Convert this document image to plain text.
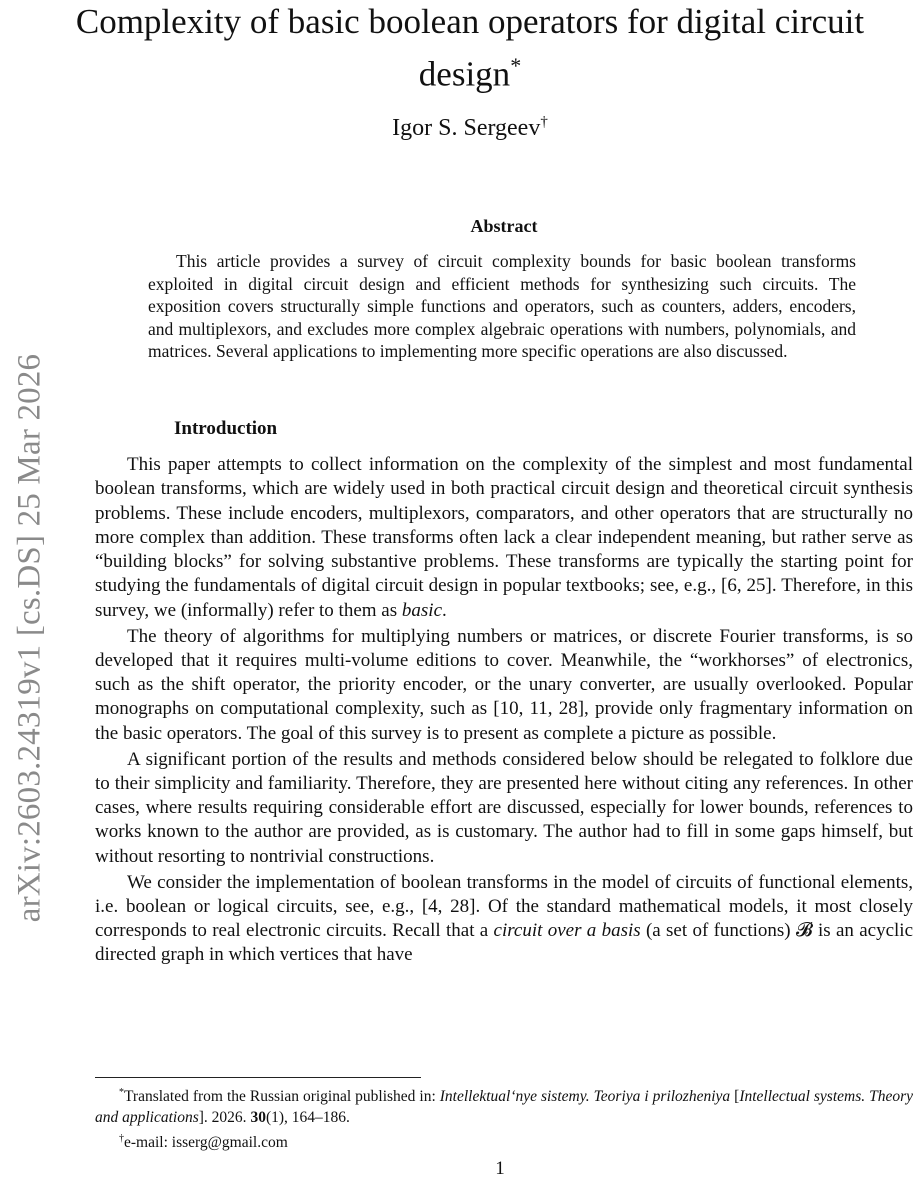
arXiv:2603.24319v1 [cs.DS] 25 Mar 2026
Complexity of basic boolean operators for digital circuit
design*
Igor S. Sergeev†
Abstract

This article provides a survey of circuit complexity bounds for basic boolean transforms exploited in digital circuit design and efficient methods for synthesizing such circuits. The exposition covers structurally simple functions and operators, such as counters, adders, encoders, and multiplexors, and excludes more complex algebraic operations with numbers, polynomials, and matrices. Several applications to implementing more specific operations are also discussed.

Introduction

This paper attempts to collect information on the complexity of the simplest and most fundamental boolean transforms, which are widely used in both practical circuit design and theoretical circuit synthesis problems. These include encoders, multiplexors, comparators, and other operators that are structurally no more complex than addition. These transforms often lack a clear independent meaning, but rather serve as “building blocks” for solving substantive problems. These transforms are typically the starting point for studying the fundamentals of digital circuit design in popular textbooks; see, e.g., [6, 25]. Therefore, in this survey, we (informally) refer to them as basic.

The theory of algorithms for multiplying numbers or matrices, or discrete Fourier transforms, is so developed that it requires multi-volume editions to cover. Meanwhile, the “workhorses” of electronics, such as the shift operator, the priority encoder, or the unary converter, are usually overlooked. Popular monographs on computational complexity, such as [10, 11, 28], provide only fragmentary information on the basic operators. The goal of this survey is to present as complete a picture as possible.

A significant portion of the results and methods considered below should be relegated to folklore due to their simplicity and familiarity. Therefore, they are presented here without citing any references. In other cases, where results requiring considerable effort are discussed, especially for lower bounds, references to works known to the author are provided, as is customary. The author had to fill in some gaps himself, but without resorting to nontrivial constructions.

We consider the implementation of boolean transforms in the model of circuits of functional elements, i.e. boolean or logical circuits, see, e.g., [4, 28]. Of the standard mathematical models, it most closely corresponds to real electronic circuits. Recall that a circuit over a basis (a set of functions) 𝓑 is an acyclic directed graph in which vertices that have

*Translated from the Russian original published in: Intellektual‘nye sistemy. Teoriya i prilozheniya [Intellectual systems. Theory and applications]. 2026. 30(1), 164–186.

†e-mail: isserg@gmail.com

1
